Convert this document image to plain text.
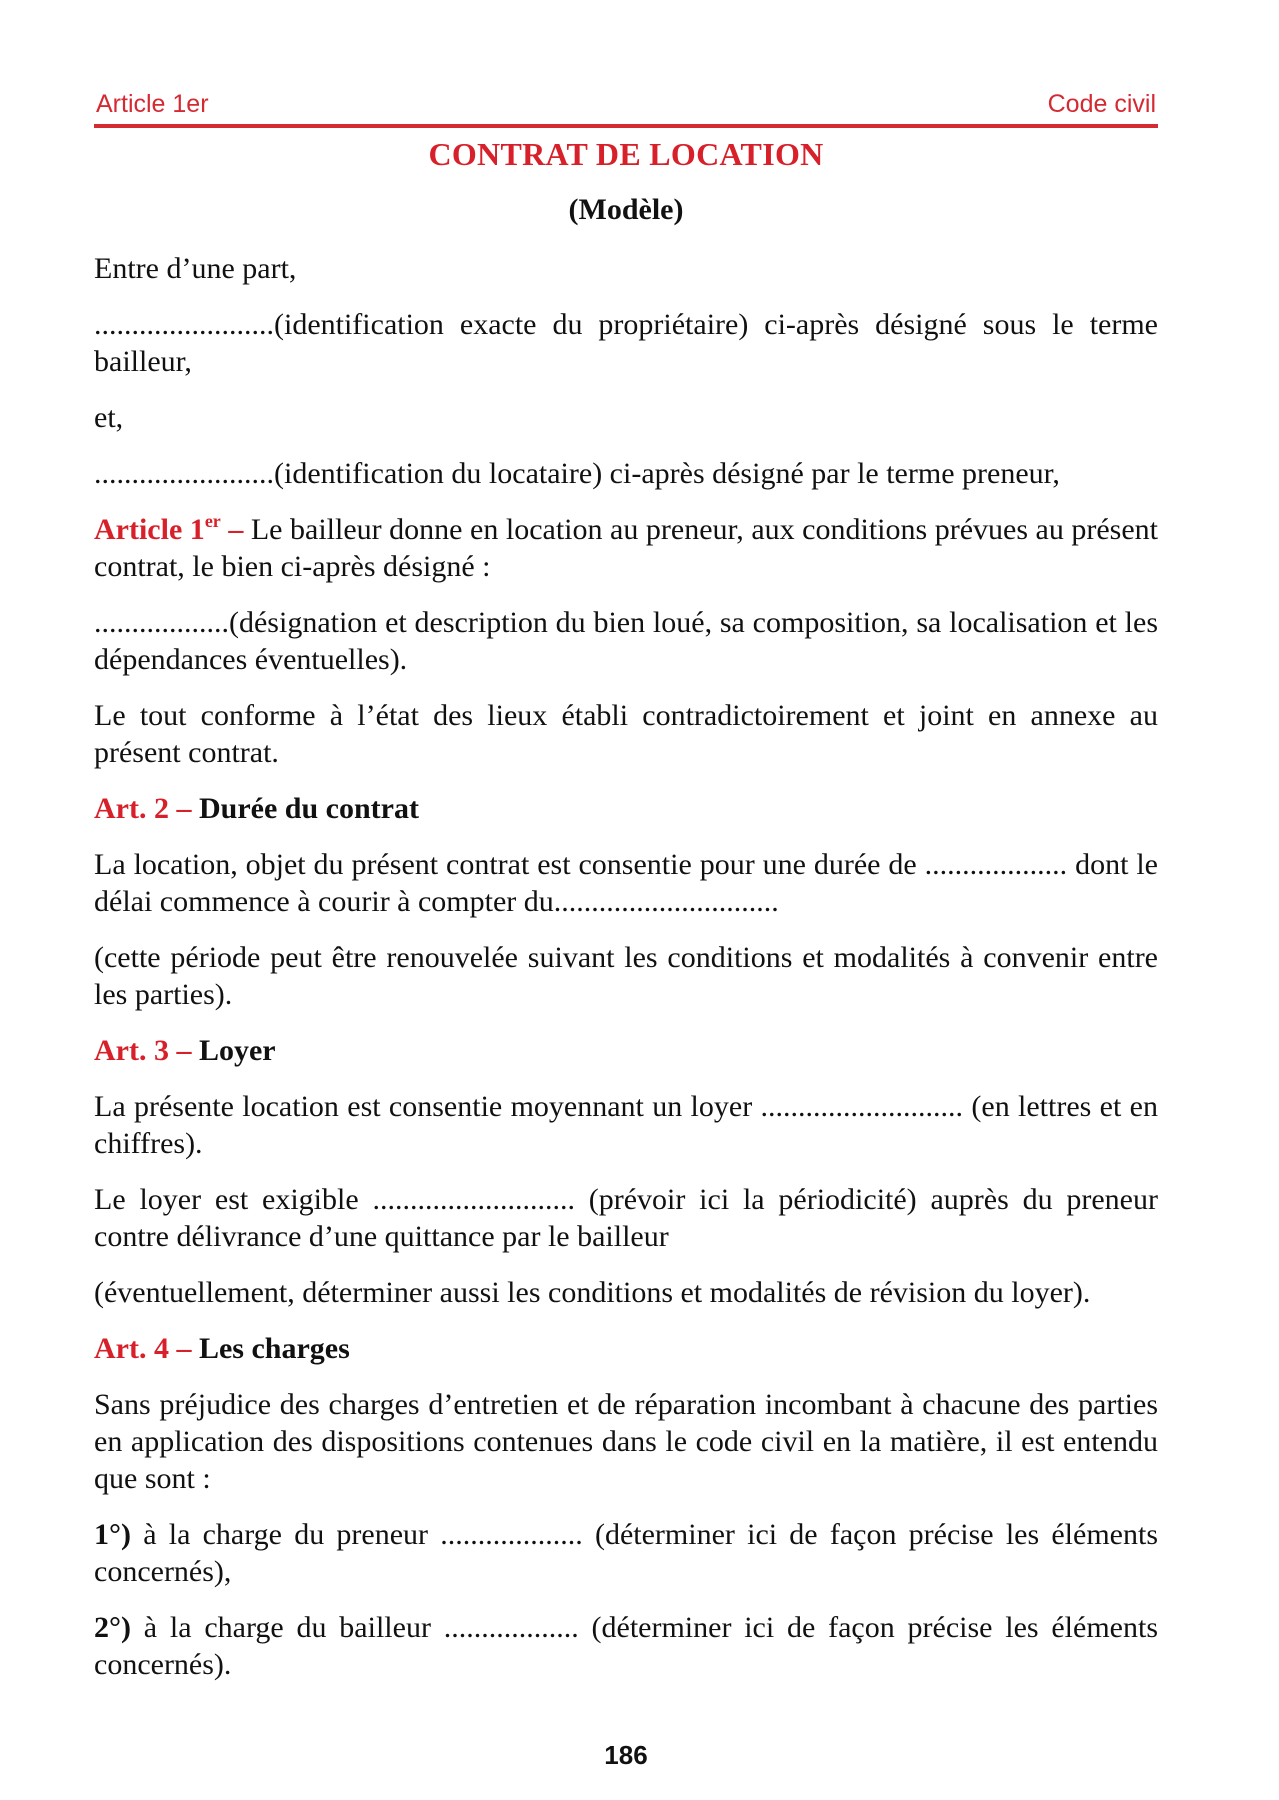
Article 1er	Code civil
CONTRAT DE LOCATION
(Modèle)

Entre d’une part,

........................(identification exacte du propriétaire) ci-après désigné sous le terme bailleur,

et,

........................(identification du locataire) ci-après désigné par le terme preneur,

Article 1er – Le bailleur donne en location au preneur, aux conditions prévues au présent contrat, le bien ci-après désigné :

..................(désignation et description du bien loué, sa composition, sa localisation et les dépendances éventuelles).

Le tout conforme à l’état des lieux établi contradictoirement et joint en annexe au présent contrat.

Art. 2 – Durée du contrat

La location, objet du présent contrat est consentie pour une durée de ................... dont le délai commence à courir à compter du..............................

(cette période peut être renouvelée suivant les conditions et modalités à convenir entre les parties).

Art. 3 – Loyer

La présente location est consentie moyennant un loyer ........................... (en lettres et en chiffres).

Le loyer est exigible ........................... (prévoir ici la périodicité) auprès du preneur contre délivrance d’une quittance par le bailleur

(éventuellement, déterminer aussi les conditions et modalités de révision du loyer).

Art. 4 – Les charges

Sans préjudice des charges d’entretien et de réparation incombant à chacune des parties en application des dispositions contenues dans le code civil en la matière, il est entendu que sont :

1°) à la charge du preneur ................... (déterminer ici de façon précise les éléments concernés),

2°) à la charge du bailleur .................. (déterminer ici de façon précise les éléments concernés).

186
